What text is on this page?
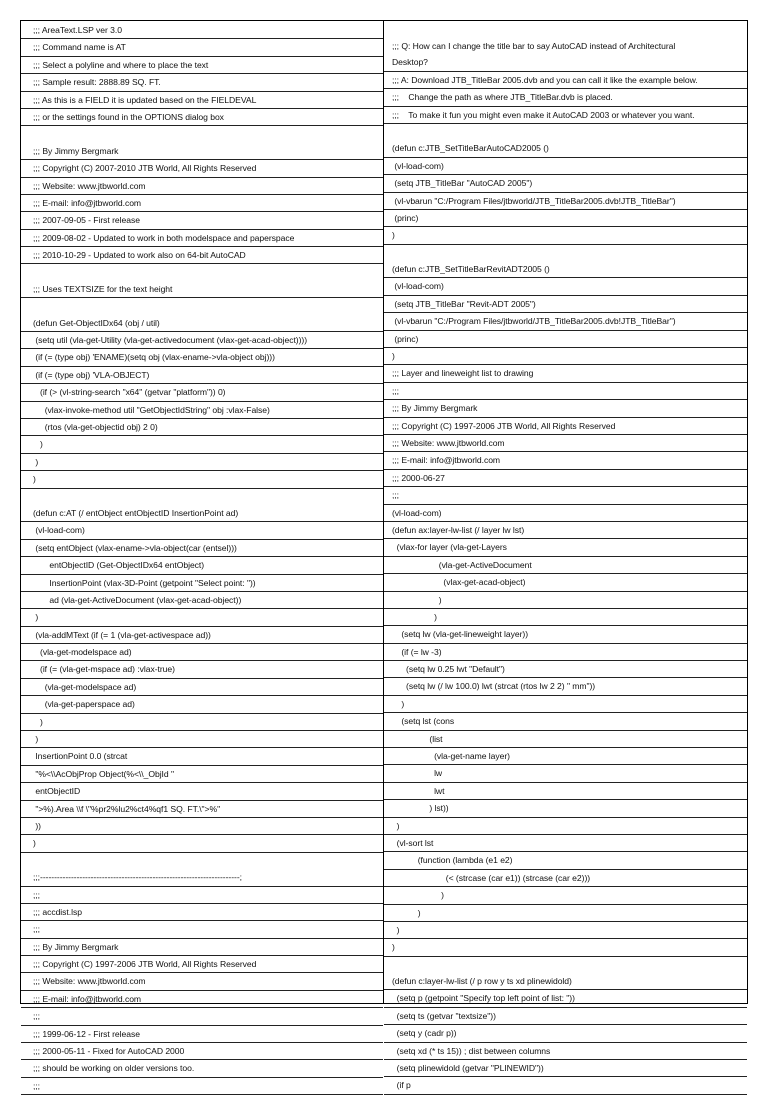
;;; AreaText.LSP ver 3.0
;;; Command name is AT
;;; Select a polyline and where to place the text
;;; Sample result: 2888.89 SQ. FT.
;;; As this is a FIELD it is updated based on the FIELDEVAL
;;; or the settings found in the OPTIONS dialog box
;;; By Jimmy Bergmark
;;; Copyright (C) 2007-2010 JTB World, All Rights Reserved
;;; Website: www.jtbworld.com
;;; E-mail: info@jtbworld.com
;;; 2007-09-05 - First release
;;; 2009-08-02 - Updated to work in both modelspace and paperspace
;;; 2010-10-29 - Updated to work also on 64-bit AutoCAD
;;; Uses TEXTSIZE for the text height
(defun Get-ObjectIDx64 (obj / util)
(setq util (vla-get-Utility (vla-get-activedocument (vlax-get-acad-object))))
(if (= (type obj) 'ENAME)(setq obj (vlax-ename->vla-object obj)))
(if (= (type obj) 'VLA-OBJECT)
(if (> (vl-string-search "x64" (getvar "platform")) 0)
(vlax-invoke-method util "GetObjectIdString" obj :vlax-False)
(rtos (vla-get-objectid obj) 2 0)
)
)
)
(defun c:AT (/ entObject entObjectID InsertionPoint ad)
(vl-load-com)
(setq entObject (vlax-ename->vla-object(car (entsel)))
entObjectID (Get-ObjectIDx64 entObject)
InsertionPoint (vlax-3D-Point (getpoint "Select point: "))
ad (vla-get-ActiveDocument (vlax-get-acad-object))
)
(vla-addMText (if (= 1 (vla-get-activespace ad))
(vla-get-modelspace ad)
(if (= (vla-get-mspace ad) :vlax-true)
(vla-get-modelspace ad)
(vla-get-paperspace ad)
)
)
InsertionPoint 0.0 (strcat
"%<\\AcObjProp Object(%<\\_ObjId "
entObjectID
">%).Area \\f \"%pr2%lu2%ct4%qf1 SQ. FT.\">%"
))
)
;;;-----------------------------------------------------------------------;
;;;
;;; accdist.lsp
;;;
;;; By Jimmy Bergmark
;;; Copyright (C) 1997-2006 JTB World, All Rights Reserved
;;; Website: www.jtbworld.com
;;; E-mail: info@jtbworld.com
;;;
;;; 1999-06-12 - First release
;;; 2000-05-11 - Fixed for AutoCAD 2000
;;; should be working on older versions too.
;;;
;;; Q: How can I change the title bar to say AutoCAD instead of Architectural
Desktop?
;;; A: Download JTB_TitleBar 2005.dvb and you can call it like the example below.
;;;    Change the path as where JTB_TitleBar.dvb is placed.
;;;    To make it fun you might even make it AutoCAD 2003 or whatever you want.
(defun c:JTB_SetTitleBarAutoCAD2005 ()
(vl-load-com)
(setq JTB_TitleBar "AutoCAD 2005")
(vl-vbarun "C:/Program Files/jtbworld/JTB_TitleBar2005.dvb!JTB_TitleBar")
(princ)
)
(defun c:JTB_SetTitleBarRevitADT2005 ()
(vl-load-com)
(setq JTB_TitleBar "Revit-ADT 2005")
(vl-vbarun "C:/Program Files/jtbworld/JTB_TitleBar2005.dvb!JTB_TitleBar")
(princ)
)
;;; Layer and lineweight list to drawing
;;;
;;; By Jimmy Bergmark
;;; Copyright (C) 1997-2006 JTB World, All Rights Reserved
;;; Website: www.jtbworld.com
;;; E-mail: info@jtbworld.com
;;; 2000-06-27
;;;
(vl-load-com)
(defun ax:layer-lw-list (/ layer lw lst)
(vlax-for layer (vla-get-Layers
(vla-get-ActiveDocument
(vlax-get-acad-object)
)
)
(setq lw (vla-get-lineweight layer))
(if (= lw -3)
(setq lw 0.25 lwt "Default")
(setq lw (/ lw 100.0) lwt (strcat (rtos lw 2 2) " mm"))
)
(setq lst (cons
(list
(vla-get-name layer)
lw
lwt
) lst))
)
(vl-sort lst
(function (lambda (e1 e2)
(< (strcase (car e1)) (strcase (car e2)))
)
)
)
)
(defun c:layer-lw-list (/ p row y ts xd plinewidold)
(setq p (getpoint "Specify top left point of list: "))
(setq ts (getvar "textsize"))
(setq y (cadr p))
(setq xd (* ts 15)) ; dist between columns
(setq plinewidold (getvar "PLINEWID"))
(if p
